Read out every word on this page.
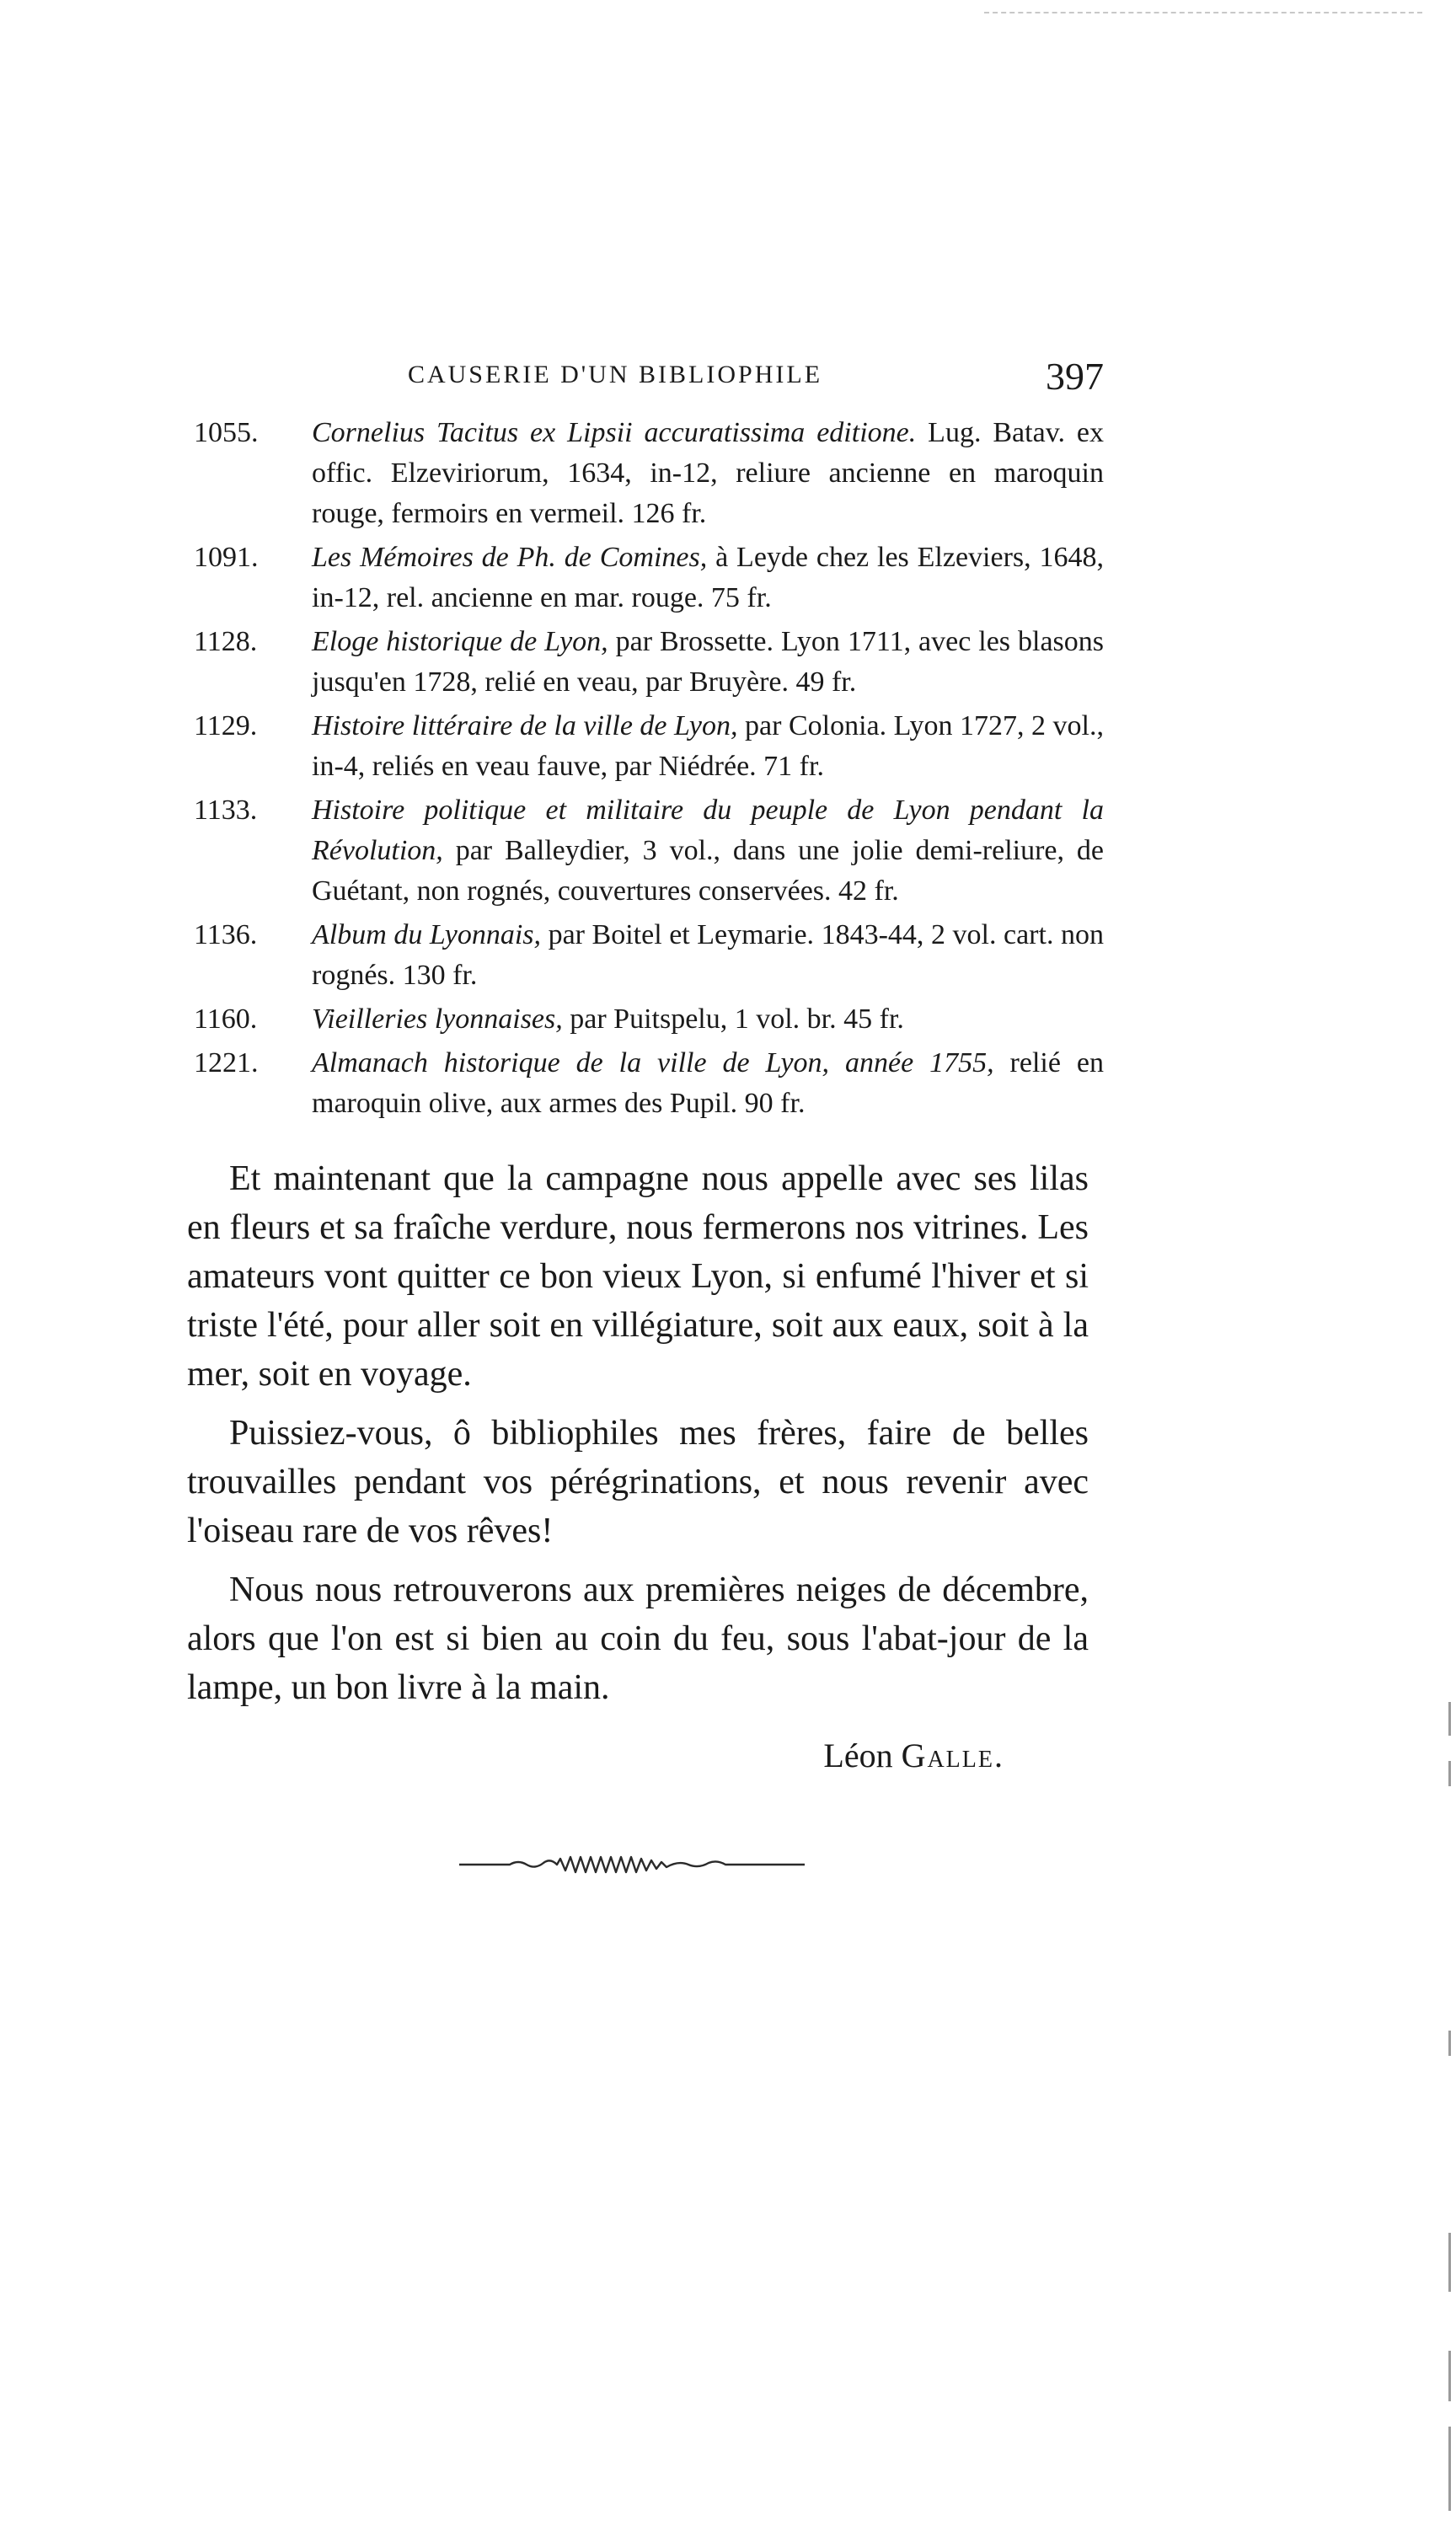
CAUSERIE D'UN BIBLIOPHILE	397
1055.	Cornelius Tacitus ex Lipsii accuratissima editione. Lug. Batav. ex offic. Elzeviriorum, 1634, in-12, reliure ancienne en maroquin rouge, fermoirs en vermeil. 126 fr.
1091.	Les Mémoires de Ph. de Comines, à Leyde chez les Elzeviers, 1648, in-12, rel. ancienne en mar. rouge. 75 fr.
1128.	Eloge historique de Lyon, par Brossette. Lyon 1711, avec les blasons jusqu'en 1728, relié en veau, par Bruyère. 49 fr.
1129.	Histoire littéraire de la ville de Lyon, par Colonia. Lyon 1727, 2 vol., in-4, reliés en veau fauve, par Niédrée. 71 fr.
1133.	Histoire politique et militaire du peuple de Lyon pendant la Révolution, par Balleydier, 3 vol., dans une jolie demi-reliure, de Guétant, non rognés, couvertures conservées. 42 fr.
1136.	Album du Lyonnais, par Boitel et Leymarie. 1843-44, 2 vol. cart. non rognés. 130 fr.
1160.	Vieilleries lyonnaises, par Puitspelu, 1 vol. br. 45 fr.
1221.	Almanach historique de la ville de Lyon, année 1755, relié en maroquin olive, aux armes des Pupil. 90 fr.

Et maintenant que la campagne nous appelle avec ses lilas en fleurs et sa fraîche verdure, nous fermerons nos vitrines. Les amateurs vont quitter ce bon vieux Lyon, si enfumé l'hiver et si triste l'été, pour aller soit en villégiature, soit aux eaux, soit à la mer, soit en voyage.

Puissiez-vous, ô bibliophiles mes frères, faire de belles trouvailles pendant vos pérégrinations, et nous revenir avec l'oiseau rare de vos rêves!

Nous nous retrouverons aux premières neiges de décembre, alors que l'on est si bien au coin du feu, sous l'abat-jour de la lampe, un bon livre à la main.

Léon Galle.
